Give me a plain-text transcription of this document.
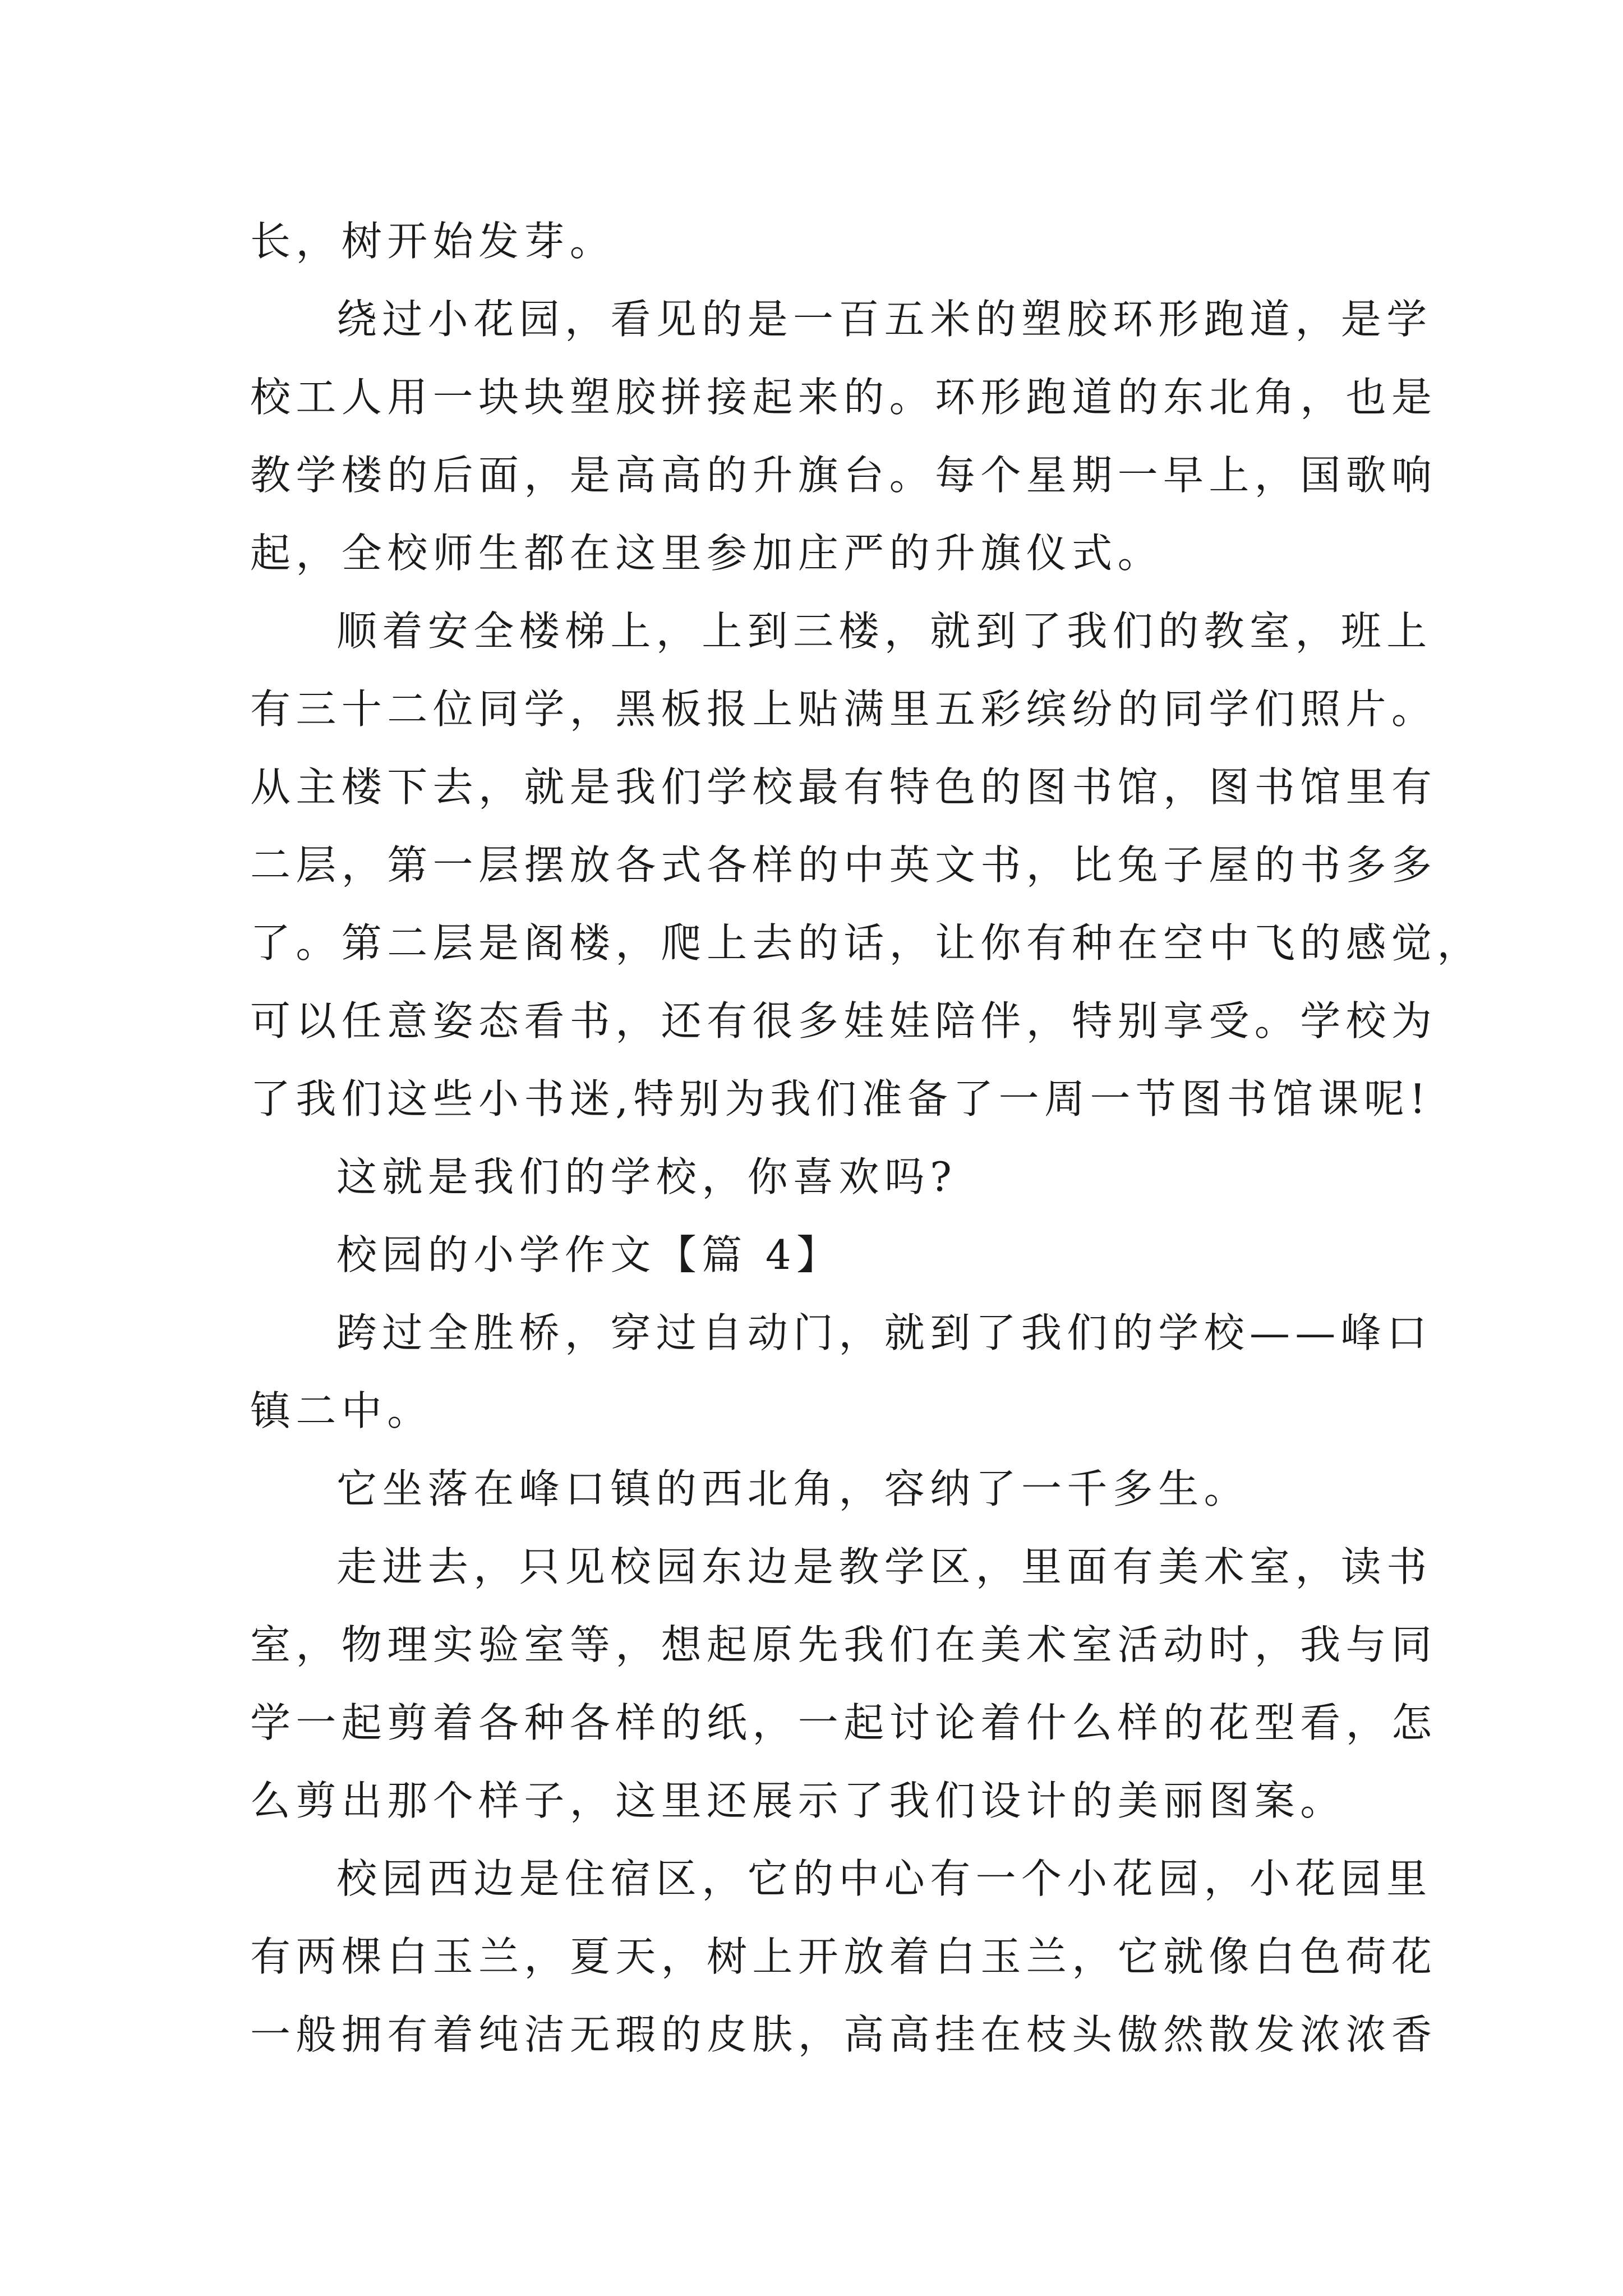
长，树开始发芽。
绕过小花园，看见的是一百五米的塑胶环形跑道，是学
校工人用一块块塑胶拼接起来的。环形跑道的东北角，也是
教学楼的后面，是高高的升旗台。每个星期一早上，国歌响
起，全校师生都在这里参加庄严的升旗仪式。
顺着安全楼梯上，上到三楼，就到了我们的教室，班上
有三十二位同学，黑板报上贴满里五彩缤纷的同学们照片。
从主楼下去，就是我们学校最有特色的图书馆，图书馆里有
二层，第一层摆放各式各样的中英文书，比兔子屋的书多多
了。第二层是阁楼，爬上去的话，让你有种在空中飞的感觉，
可以任意姿态看书，还有很多娃娃陪伴，特别享受。学校为
了我们这些小书迷,特别为我们准备了一周一节图书馆课呢!
这就是我们的学校，你喜欢吗?
校园的小学作文【篇 4】
跨过全胜桥，穿过自动门，就到了我们的学校——峰口
镇二中。
它坐落在峰口镇的西北角，容纳了一千多生。
走进去，只见校园东边是教学区，里面有美术室，读书
室，物理实验室等，想起原先我们在美术室活动时，我与同
学一起剪着各种各样的纸，一起讨论着什么样的花型看，怎
么剪出那个样子，这里还展示了我们设计的美丽图案。
校园西边是住宿区，它的中心有一个小花园，小花园里
有两棵白玉兰，夏天，树上开放着白玉兰，它就像白色荷花
一般拥有着纯洁无瑕的皮肤，高高挂在枝头傲然散发浓浓香
